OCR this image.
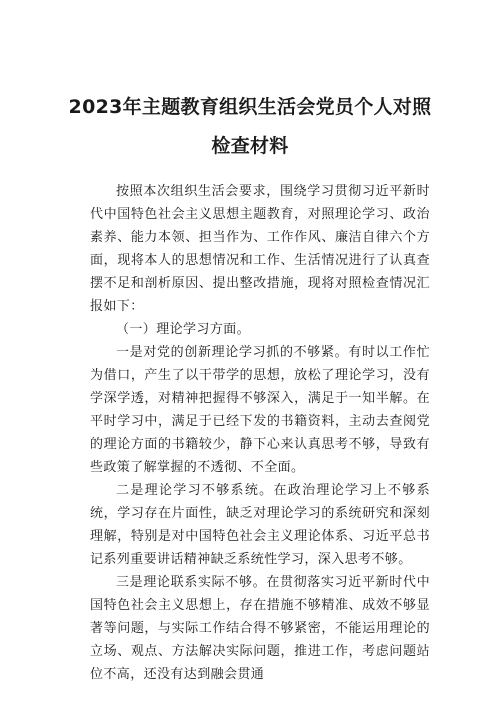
2023年主题教育组织生活会党员个人对照
检查材料

按照本次组织生活会要求，围绕学习贯彻习近平新时代中国特色社会主义思想主题教育，对照理论学习、政治素养、能力本领、担当作为、工作作风、廉洁自律六个方面，现将本人的思想情况和工作、生活情况进行了认真查摆不足和剖析原因、提出整改措施，现将对照检查情况汇报如下：

（一）理论学习方面。

一是对党的创新理论学习抓的不够紧。有时以工作忙为借口，产生了以干带学的思想，放松了理论学习，没有学深学透，对精神把握得不够深入，满足于一知半解。在平时学习中，满足于已经下发的书籍资料，主动去查阅党的理论方面的书籍较少，静下心来认真思考不够，导致有些政策了解掌握的不透彻、不全面。

二是理论学习不够系统。在政治理论学习上不够系统，学习存在片面性，缺乏对理论学习的系统研究和深刻理解，特别是对中国特色社会主义理论体系、习近平总书记系列重要讲话精神缺乏系统性学习，深入思考不够。

三是理论联系实际不够。在贯彻落实习近平新时代中国特色社会主义思想上，存在措施不够精准、成效不够显著等问题，与实际工作结合得不够紧密，不能运用理论的立场、观点、方法解决实际问题，推进工作，考虑问题站位不高，还没有达到融会贯通
